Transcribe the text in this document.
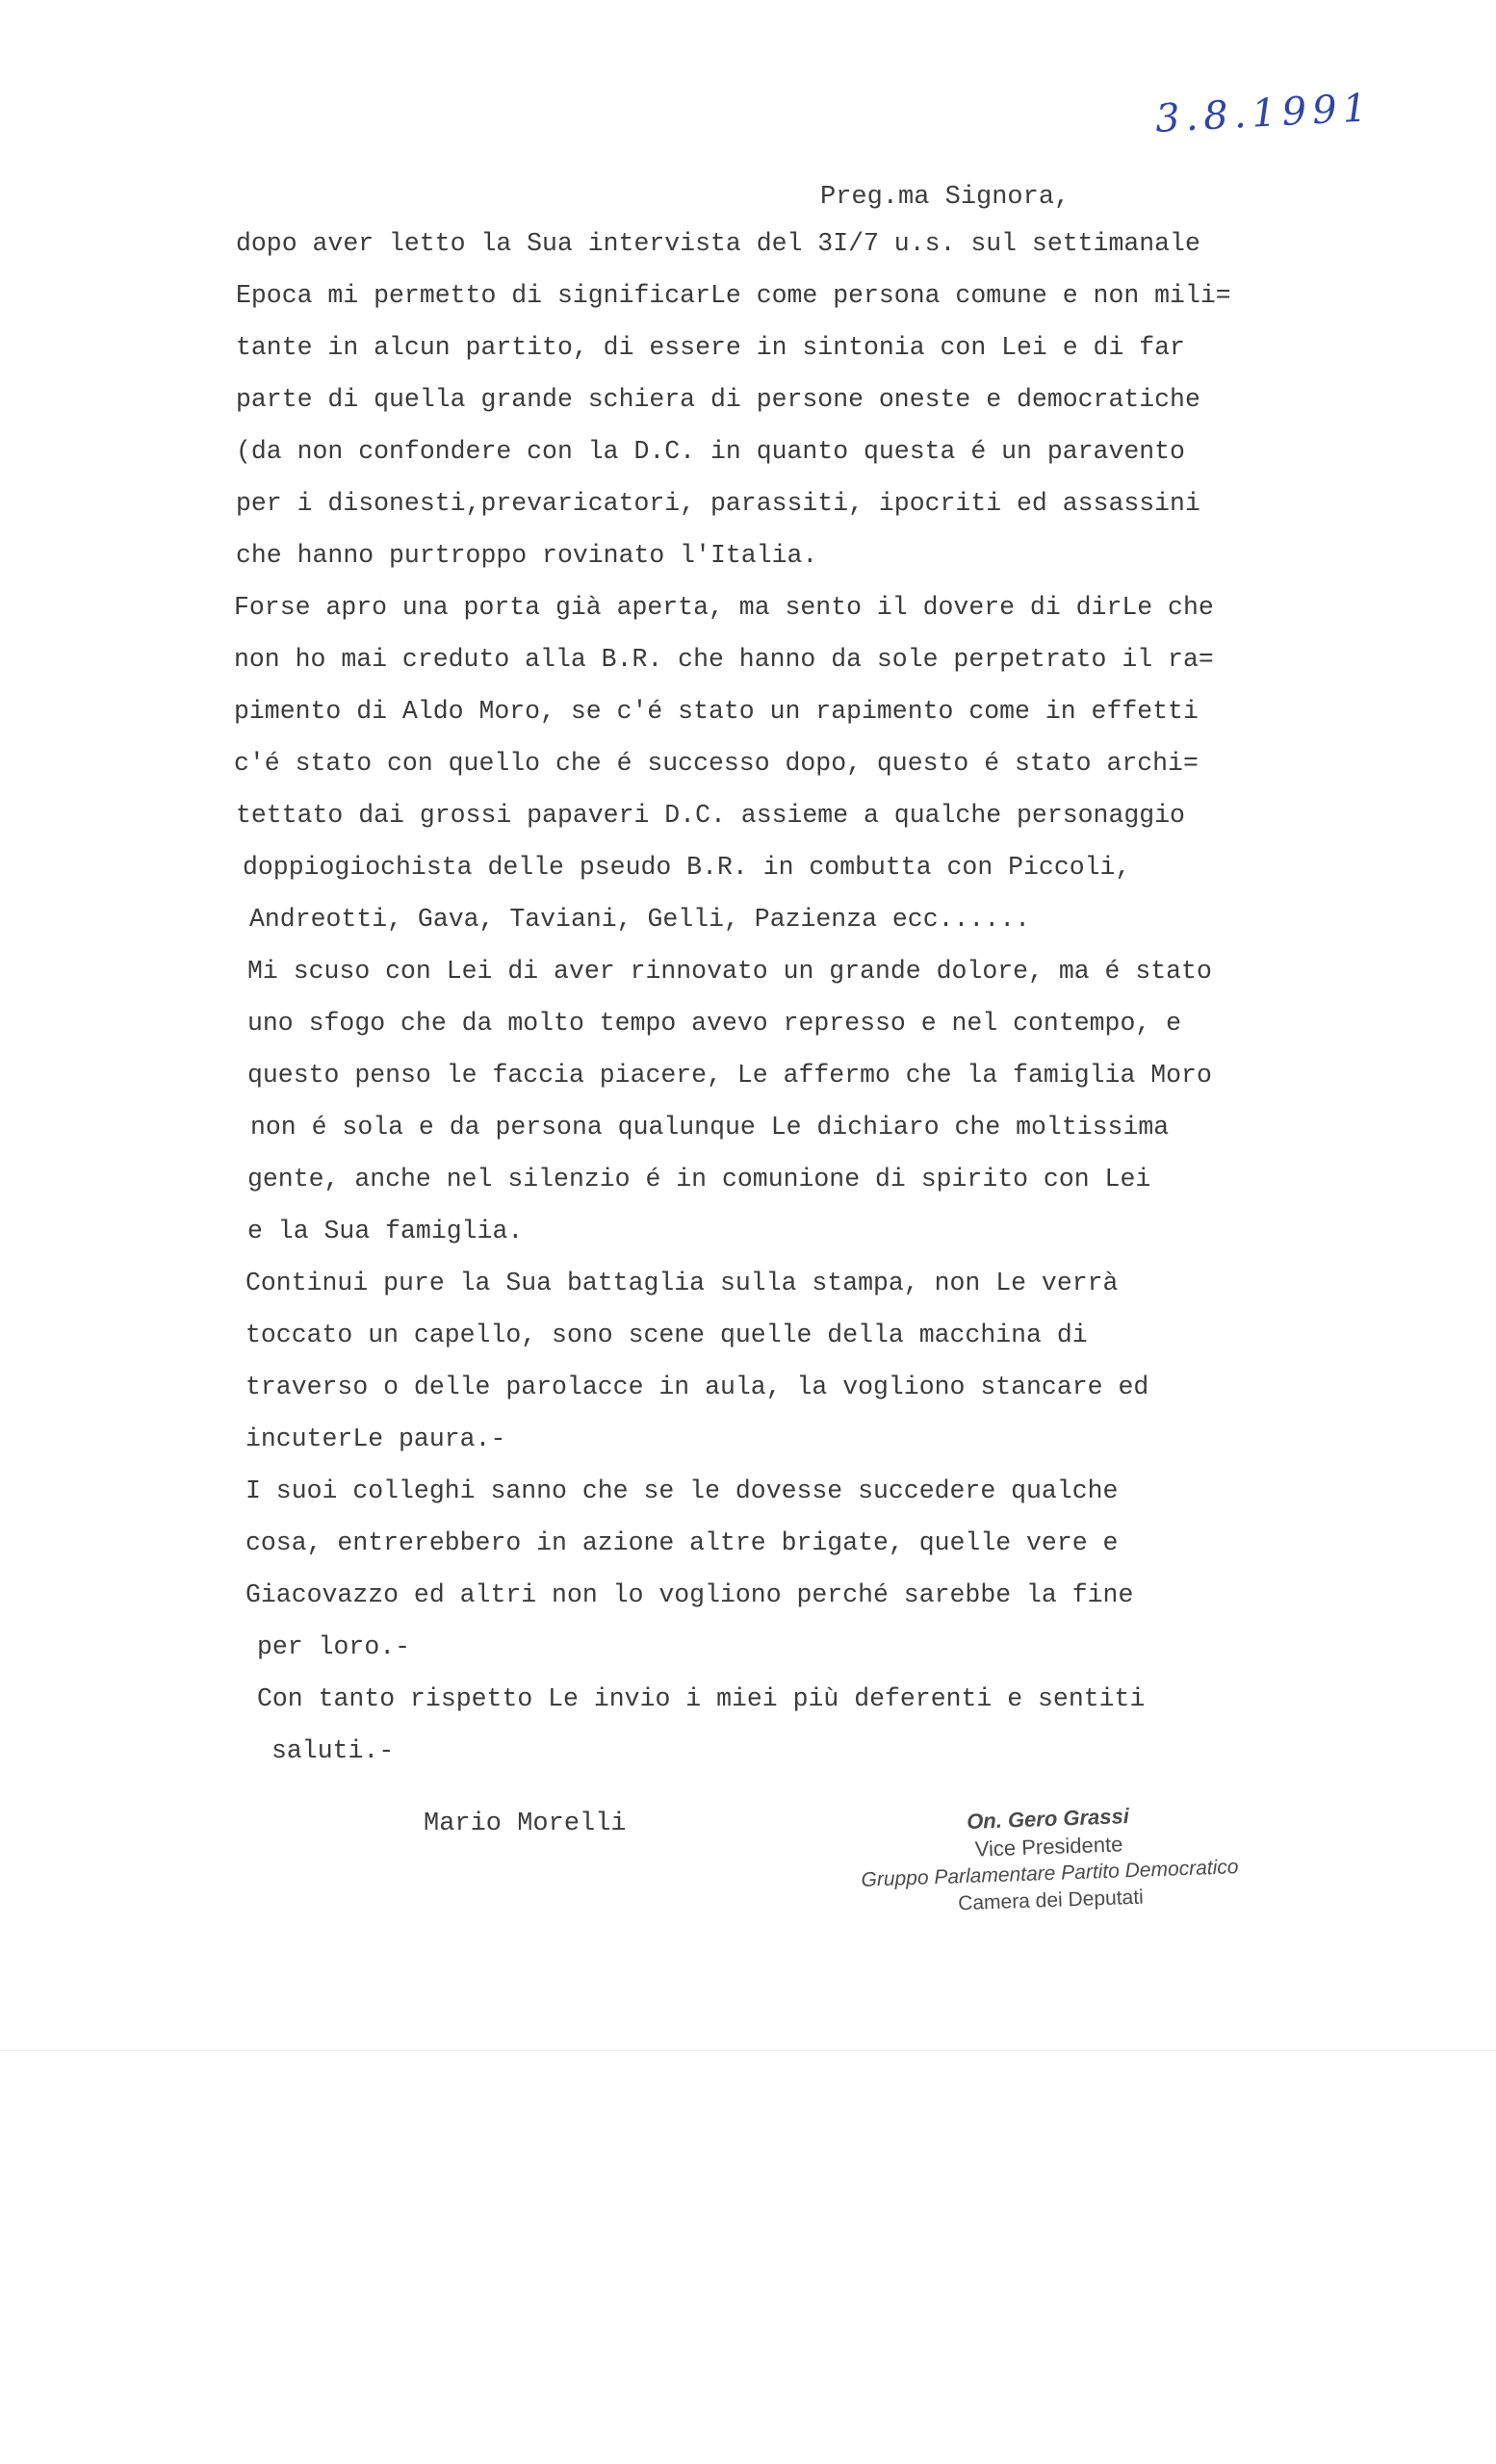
3.8.1991
Preg.ma Signora,
dopo aver letto la Sua intervista del 3I/7 u.s. sul settimanale
Epoca mi permetto di significarLe come persona comune e non mili=
tante in alcun partito, di essere in sintonia con Lei e di far
parte di quella grande schiera di persone oneste e democratiche
(da non confondere con la D.C. in quanto questa é un paravento
per i disonesti,prevaricatori, parassiti, ipocriti ed assassini
che hanno purtroppo rovinato l'Italia.
Forse apro una porta già aperta, ma sento il dovere di dirLe che
non ho mai creduto alla B.R. che hanno da sole perpetrato il ra=
pimento di Aldo Moro, se c'é stato un rapimento come in effetti
c'é stato con quello che é successo dopo, questo é stato archi=
tettato dai grossi papaveri D.C. assieme a qualche personaggio
doppiogiochista delle pseudo B.R. in combutta con Piccoli,
Andreotti, Gava, Taviani, Gelli, Pazienza ecc......
Mi scuso con Lei di aver rinnovato un grande dolore, ma é stato
uno sfogo che da molto tempo avevo represso e nel contempo, e
questo penso le faccia piacere, Le affermo che la famiglia Moro
non é sola e da persona qualunque Le dichiaro che moltissima
gente, anche nel silenzio é in comunione di spirito con Lei
e la Sua famiglia.
Continui pure la Sua battaglia sulla stampa, non Le verrà
toccato un capello, sono scene quelle della macchina di
traverso o delle parolacce in aula, la vogliono stancare ed
incuterLe paura.-
I suoi colleghi sanno che se le dovesse succedere qualche
cosa, entrerebbero in azione altre brigate, quelle vere e
Giacovazzo ed altri non lo vogliono perché sarebbe la fine
per loro.-
Con tanto rispetto Le invio i miei più deferenti e sentiti
saluti.-
Mario Morelli	On. Gero Grassi
Vice Presidente
Gruppo Parlamentare Partito Democratico
Camera dei Deputati
